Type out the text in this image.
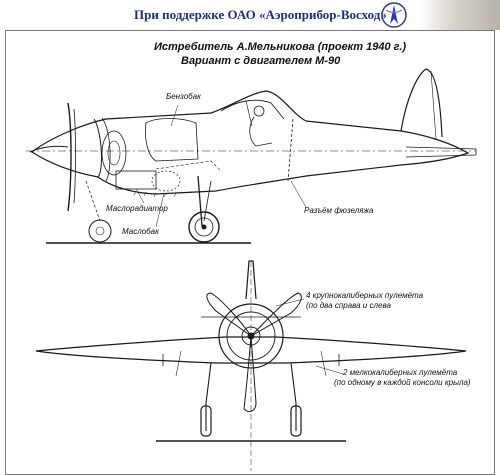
При поддержке ОАО «Аэроприбор-Восход»
Истребитель А.Мельникова (проект 1940 г.)
Вариант с двигателем М-90
Бензобак
Маслорадиатор
Маслобак
Разъём фюзеляжа
4 крупнокалиберных пулемёта
(по два справа и слева
2 мелкокалиберных пулемёта
(по одному в каждой консоли крыла)
